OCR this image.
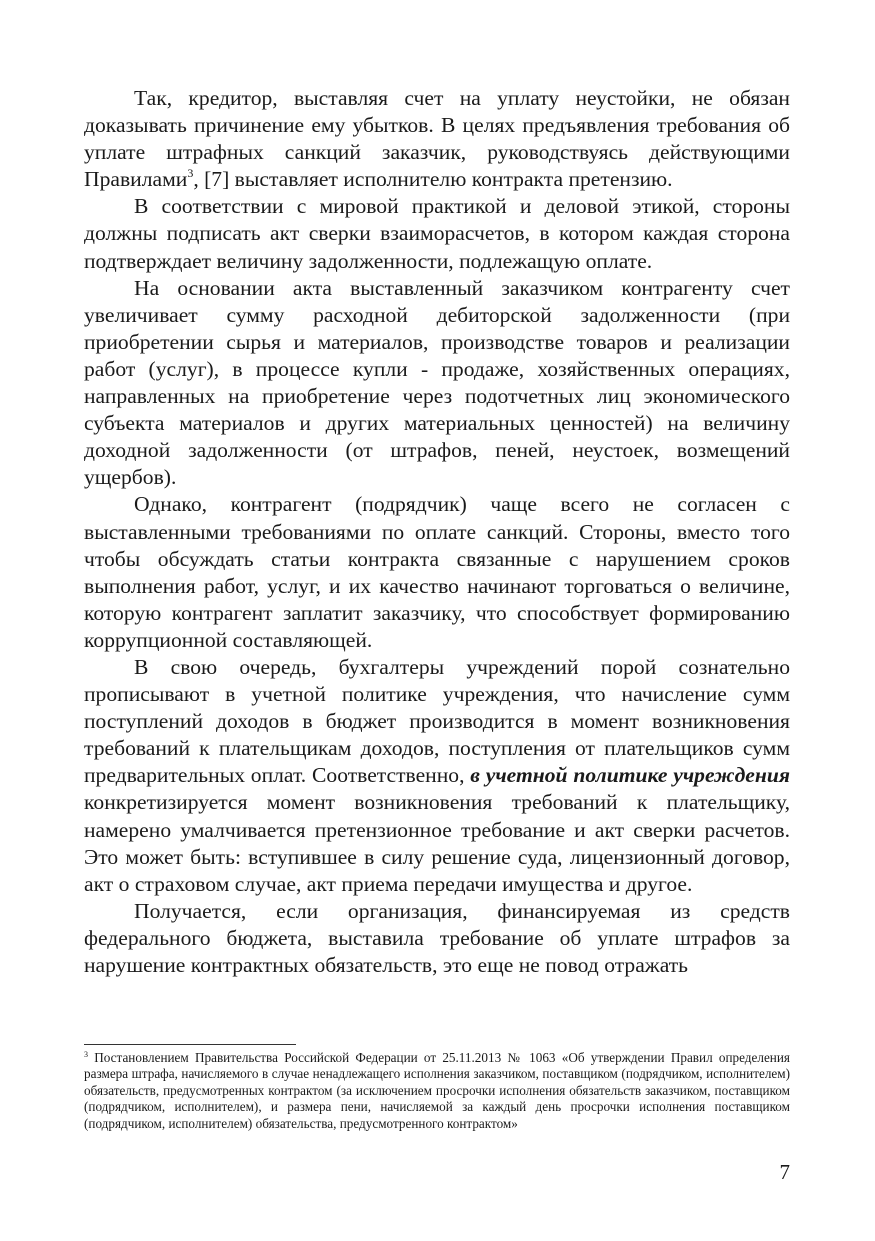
Так, кредитор, выставляя счет на уплату неустойки, не обязан доказывать причинение ему убытков. В целях предъявления требования об уплате штрафных санкций заказчик, руководствуясь действующими Правилами$^3$, [7] выставляет исполнителю контракта претензию.

В соответствии с мировой практикой и деловой этикой, стороны должны подписать акт сверки взаиморасчетов, в котором каждая сторона подтверждает величину задолженности, подлежащую оплате.

На основании акта выставленный заказчиком контрагенту счет увеличивает сумму расходной дебиторской задолженности (при приобретении сырья и материалов, производстве товаров и реализации работ (услуг), в процессе купли - продаже, хозяйственных операциях, направленных на приобретение через подотчетных лиц экономического субъекта материалов и других материальных ценностей) на величину доходной задолженности (от штрафов, пеней, неустоек, возмещений ущербов).

Однако, контрагент (подрядчик) чаще всего не согласен с выставленными требованиями по оплате санкций. Стороны, вместо того чтобы обсуждать статьи контракта связанные с нарушением сроков выполнения работ, услуг, и их качество начинают торговаться о величине, которую контрагент заплатит заказчику, что способствует формированию коррупционной составляющей.

В свою очередь, бухгалтеры учреждений порой сознательно прописывают в учетной политике учреждения, что начисление сумм поступлений доходов в бюджет производится в момент возникновения требований к плательщикам доходов, поступления от плательщиков сумм предварительных оплат. Соответственно, в учетной политике учреждения конкретизируется момент возникновения требований к плательщику, намерено умалчивается претензионное требование и акт сверки расчетов. Это может быть: вступившее в силу решение суда, лицензионный договор, акт о страховом случае, акт приема передачи имущества и другое.

Получается, если организация, финансируемая из средств федерального бюджета, выставила требование об уплате штрафов за нарушение контрактных обязательств, это еще не повод отражать

$^3$ Постановлением Правительства Российской Федерации от 25.11.2013 № 1063 «Об утверждении Правил определения размера штрафа, начисляемого в случае ненадлежащего исполнения заказчиком, поставщиком (подрядчиком, исполнителем) обязательств, предусмотренных контрактом (за исключением просрочки исполнения обязательств заказчиком, поставщиком (подрядчиком, исполнителем), и размера пени, начисляемой за каждый день просрочки исполнения поставщиком (подрядчиком, исполнителем) обязательства, предусмотренного контрактом»

7
